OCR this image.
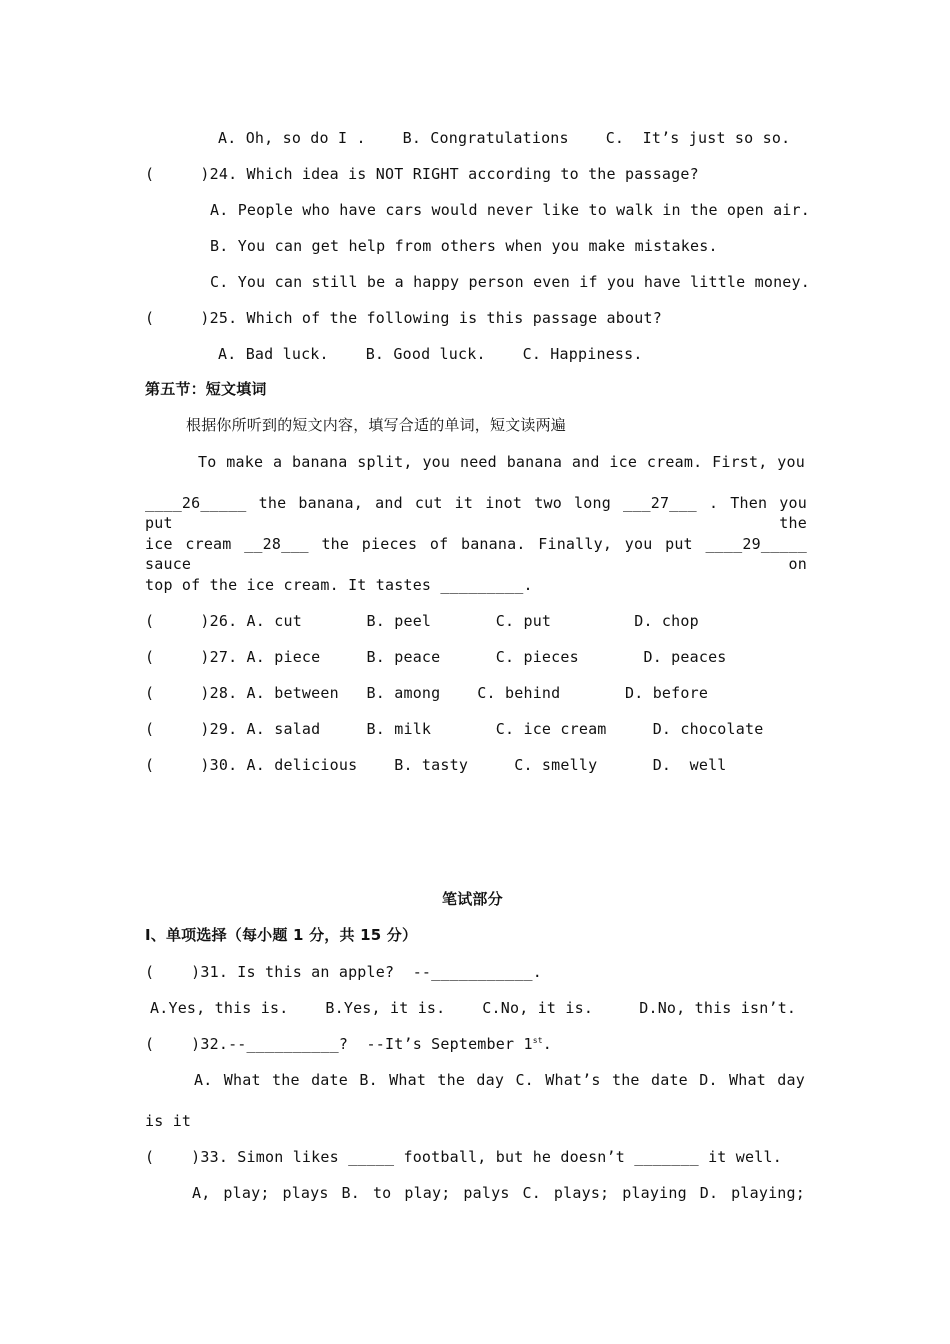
A. Oh, so do I .    B. Congratulations    C.  It’s just so so.
(     )24. Which idea is NOT RIGHT according to the passage?
A. People who have cars would never like to walk in the open air.
B. You can get help from others when you make mistakes.
C. You can still be a happy person even if you have little money.
(     )25. Which of the following is this passage about?
A. Bad luck.    B. Good luck.    C. Happiness.
第五节：短文填词
根据你所听到的短文内容，填写合适的单词，短文读两遍
To make a banana split, you need banana and ice cream. First, you
____26_____ the banana, and cut it inot two long ___27___ . Then you put the
ice cream __28___ the pieces of banana. Finally, you put ____29_____ sauce on
top of the ice cream. It tastes _________.
(     )26. A. cut       B. peel       C. put         D. chop
(     )27. A. piece     B. peace      C. pieces       D. peaces
(     )28. A. between   B. among    C. behind       D. before
(     )29. A. salad     B. milk       C. ice cream     D. chocolate
(     )30. A. delicious    B. tasty     C. smelly      D.  well
笔试部分
I、单项选择（每小题 1 分，共 15 分）
(    )31. Is this an apple?  --___________.
A.Yes, this is.    B.Yes, it is.    C.No, it is.     D.No, this isn’t.
(    )32.--__________?  --It’s September 1st.
A. What the date B. What the day C. What’s the date D. What day
is it
(    )33. Simon likes _____ football, but he doesn’t _______ it well.
A, play; plays B. to play; palys C. plays; playing D. playing;
